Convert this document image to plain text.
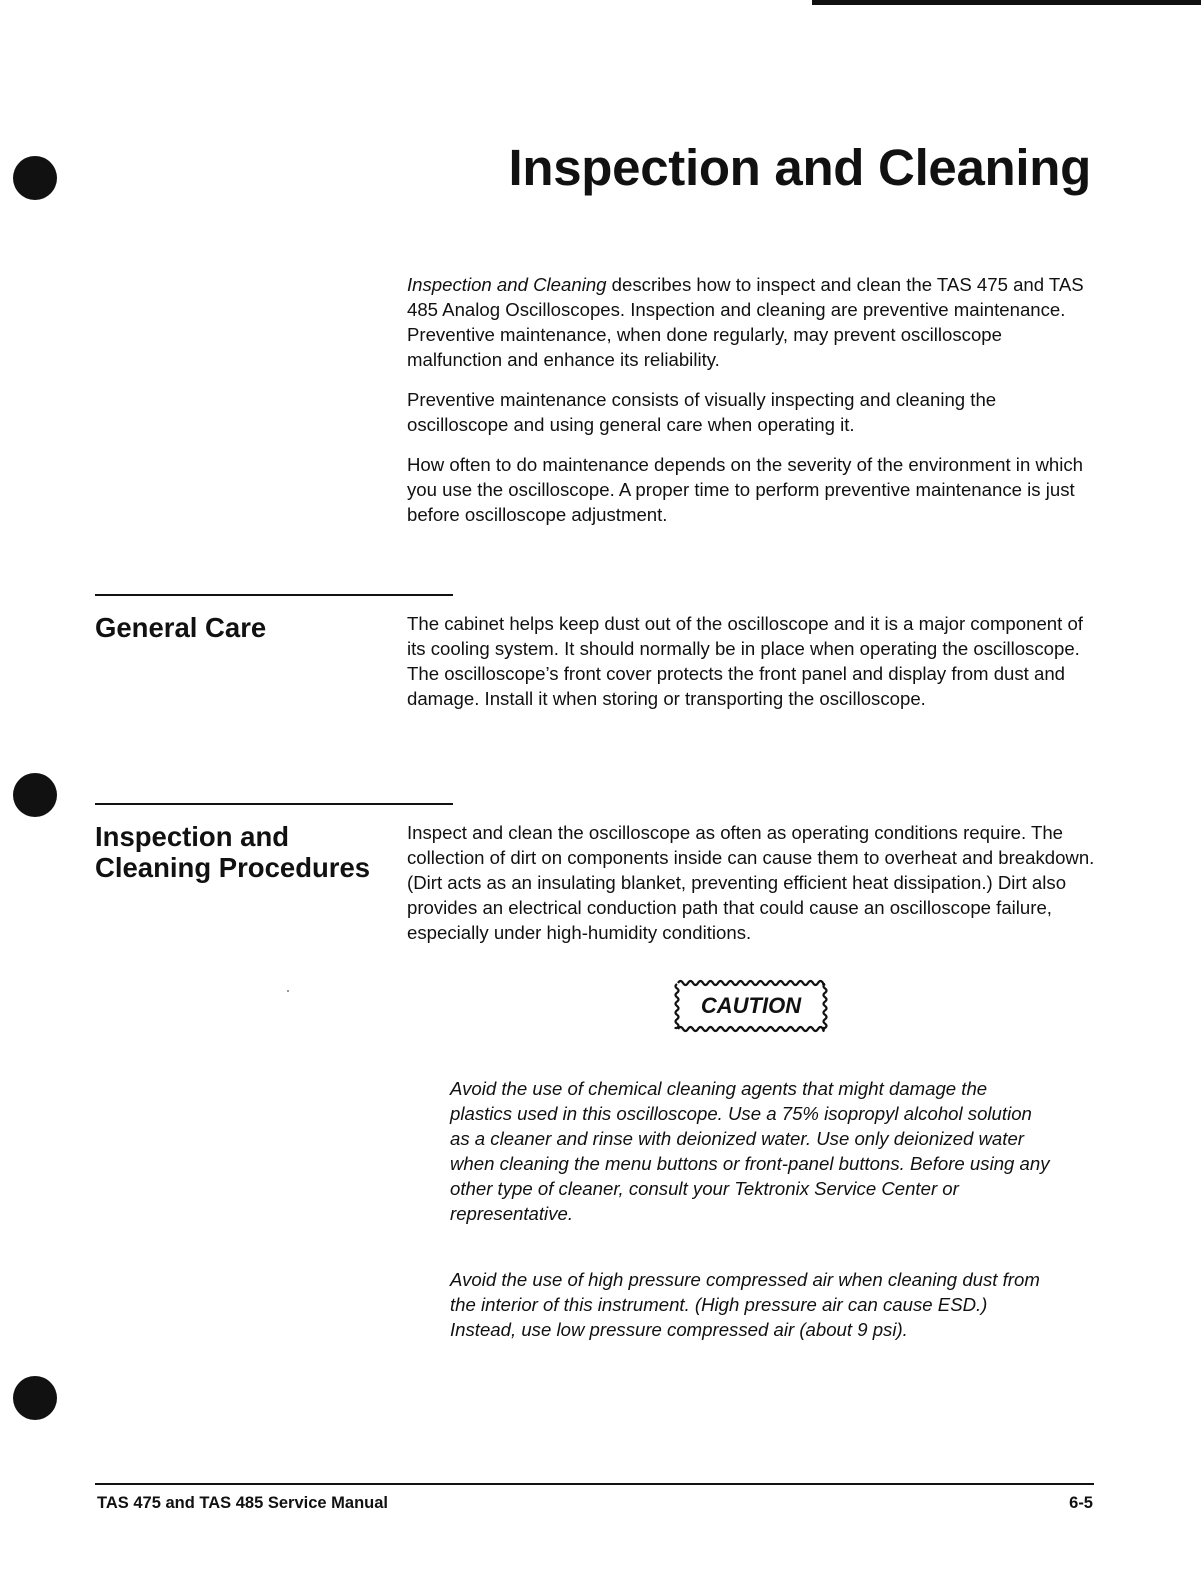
Inspection and Cleaning

Inspection and Cleaning describes how to inspect and clean the TAS 475 and TAS 485 Analog Oscilloscopes. Inspection and cleaning are preventive maintenance. Preventive maintenance, when done regularly, may prevent oscilloscope malfunction and enhance its reliability.

Preventive maintenance consists of visually inspecting and cleaning the oscilloscope and using general care when operating it.

How often to do maintenance depends on the severity of the environment in which you use the oscilloscope. A proper time to perform preventive maintenance is just before oscilloscope adjustment.

General Care	The cabinet helps keep dust out of the oscilloscope and it is a major component of its cooling system. It should normally be in place when operating the oscilloscope. The oscilloscope’s front cover protects the front panel and display from dust and damage. Install it when storing or transporting the oscilloscope.

Inspection and
Cleaning Procedures

Inspect and clean the oscilloscope as often as operating conditions require. The collection of dirt on components inside can cause them to overheat and breakdown. (Dirt acts as an insulating blanket, preventing efficient heat dissipation.) Dirt also provides an electrical conduction path that could cause an oscilloscope failure, especially under high-humidity conditions.

CAUTION

Avoid the use of chemical cleaning agents that might damage the plastics used in this oscilloscope. Use a 75% isopropyl alcohol solution as a cleaner and rinse with deionized water. Use only deionized water when cleaning the menu buttons or front-panel buttons. Before using any other type of cleaner, consult your Tektronix Service Center or representative.

Avoid the use of high pressure compressed air when cleaning dust from the interior of this instrument. (High pressure air can cause ESD.) Instead, use low pressure compressed air (about 9 psi).

TAS 475 and TAS 485 Service Manual	6-5
